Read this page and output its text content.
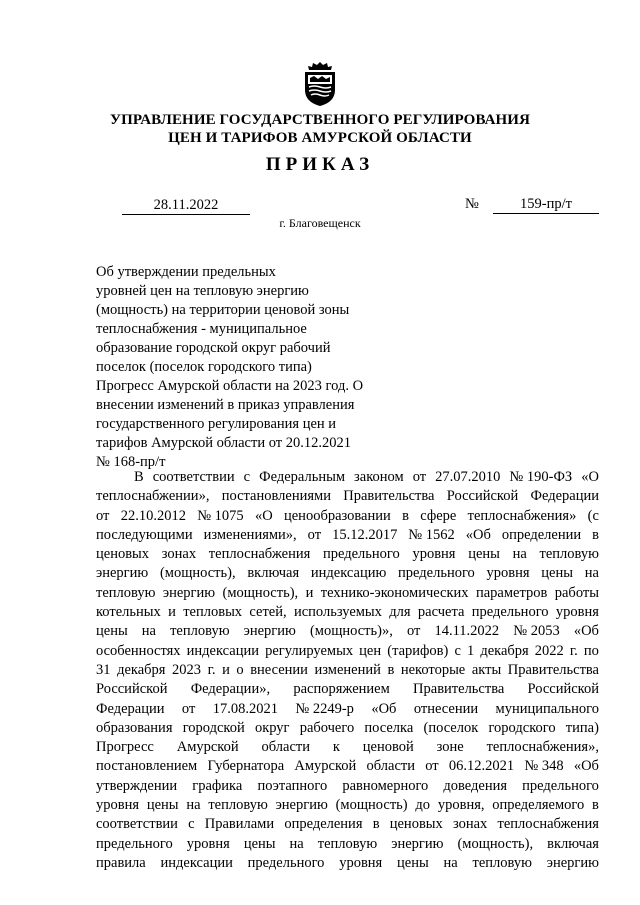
УПРАВЛЕНИЕ ГОСУДАРСТВЕННОГО РЕГУЛИРОВАНИЯ
ЦЕН И ТАРИФОВ АМУРСКОЙ ОБЛАСТИ
ПРИКАЗ
28.11.2022	№	159-пр/т
г. Благовещенск
Об утверждении предельных
уровней цен на тепловую энергию
(мощность) на территории ценовой зоны
теплоснабжения - муниципальное
образование городской округ рабочий
поселок (поселок городского типа)
Прогресс Амурской области на 2023 год. О
внесении изменений в приказ управления
государственного регулирования цен и
тарифов Амурской области от 20.12.2021
№ 168-пр/т
В соответствии с Федеральным законом от 27.07.2010 № 190-ФЗ «О
теплоснабжении», постановлениями Правительства Российской Федерации
от 22.10.2012 № 1075 «О ценообразовании в сфере теплоснабжения» (с
последующими изменениями», от 15.12.2017 № 1562 «Об определении в
ценовых зонах теплоснабжения предельного уровня цены на тепловую
энергию (мощность), включая индексацию предельного уровня цены на
тепловую энергию (мощность), и технико-экономических параметров работы
котельных и тепловых сетей, используемых для расчета предельного уровня
цены на тепловую энергию (мощность)», от 14.11.2022 № 2053 «Об
особенностях индексации регулируемых цен (тарифов) с 1 декабря 2022 г. по
31 декабря 2023 г. и о внесении изменений в некоторые акты Правительства
Российской Федерации», распоряжением Правительства Российской
Федерации от 17.08.2021 № 2249-р «Об отнесении муниципального
образования городской округ рабочего поселка (поселок городского типа)
Прогресс Амурской области к ценовой зоне теплоснабжения»,
постановлением Губернатора Амурской области от 06.12.2021 № 348 «Об
утверждении графика поэтапного равномерного доведения предельного
уровня цены на тепловую энергию (мощность) до уровня, определяемого в
соответствии с Правилами определения в ценовых зонах теплоснабжения
предельного уровня цены на тепловую энергию (мощность), включая
правила индексации предельного уровня цены на тепловую энергию
